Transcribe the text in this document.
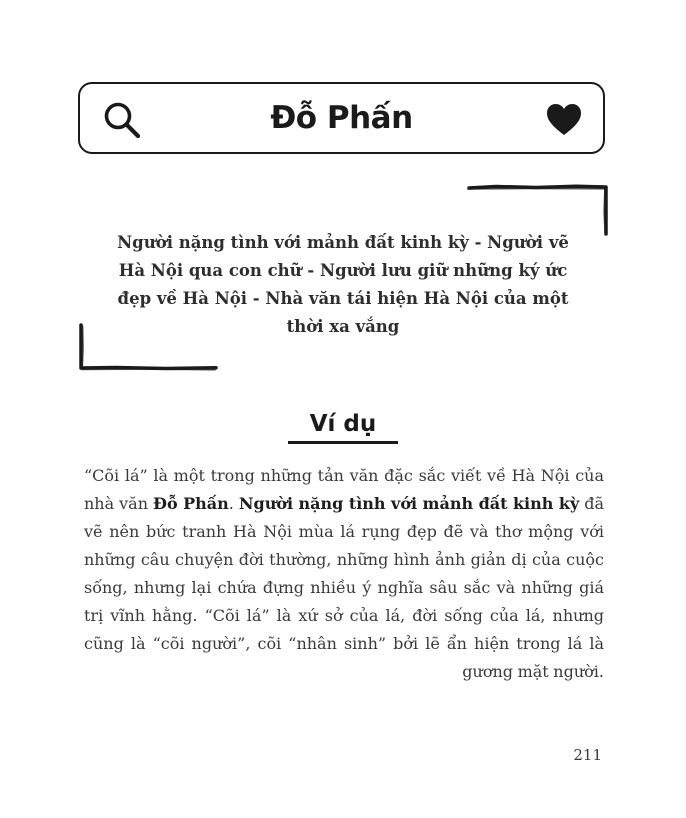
Đỗ Phấn
Người nặng tình với mảnh đất kinh kỳ - Người vẽ Hà Nội qua con chữ - Người lưu giữ những ký ức đẹp về Hà Nội - Nhà văn tái hiện Hà Nội của một thời xa vắng
Ví dụ
“Cõi lá” là một trong những tản văn đặc sắc viết về Hà Nội của nhà văn Đỗ Phấn. Người nặng tình với mảnh đất kinh kỳ đã vẽ nên bức tranh Hà Nội mùa lá rụng đẹp đẽ và thơ mộng với những câu chuyện đời thường, những hình ảnh giản dị của cuộc sống, nhưng lại chứa đựng nhiều ý nghĩa sâu sắc và những giá trị vĩnh hằng. “Cõi lá” là xứ sở của lá, đời sống của lá, nhưng cũng là “cõi người”, cõi “nhân sinh” bởi lẽ ẩn hiện trong lá là gương mặt người.
211
